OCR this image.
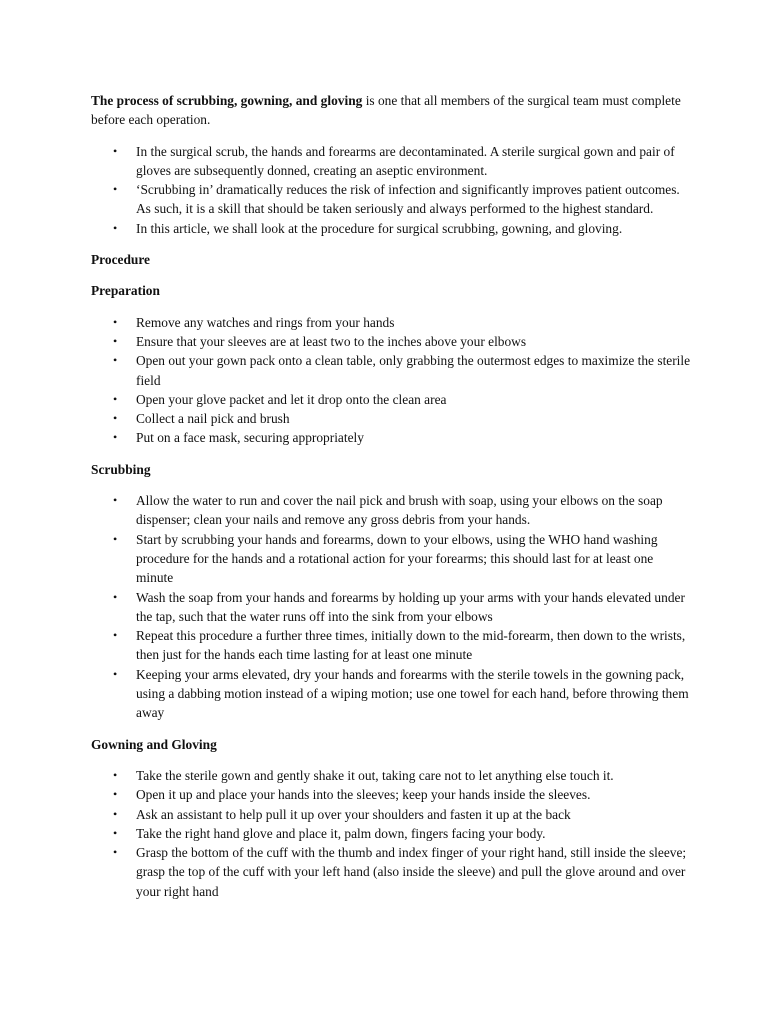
The process of scrubbing, gowning, and gloving is one that all members of the surgical team must complete before each operation.

• In the surgical scrub, the hands and forearms are decontaminated. A sterile surgical gown and pair of gloves are subsequently donned, creating an aseptic environment.
• ‘Scrubbing in’ dramatically reduces the risk of infection and significantly improves patient outcomes. As such, it is a skill that should be taken seriously and always performed to the highest standard.
• In this article, we shall look at the procedure for surgical scrubbing, gowning, and gloving.
Procedure
Preparation
• Remove any watches and rings from your hands
• Ensure that your sleeves are at least two to the inches above your elbows
• Open out your gown pack onto a clean table, only grabbing the outermost edges to maximize the sterile field
• Open your glove packet and let it drop onto the clean area
• Collect a nail pick and brush
• Put on a face mask, securing appropriately
Scrubbing
• Allow the water to run and cover the nail pick and brush with soap, using your elbows on the soap dispenser; clean your nails and remove any gross debris from your hands.
• Start by scrubbing your hands and forearms, down to your elbows, using the WHO hand washing procedure for the hands and a rotational action for your forearms; this should last for at least one minute
• Wash the soap from your hands and forearms by holding up your arms with your hands elevated under the tap, such that the water runs off into the sink from your elbows
• Repeat this procedure a further three times, initially down to the mid-forearm, then down to the wrists, then just for the hands each time lasting for at least one minute
• Keeping your arms elevated, dry your hands and forearms with the sterile towels in the gowning pack, using a dabbing motion instead of a wiping motion; use one towel for each hand, before throwing them away
Gowning and Gloving
• Take the sterile gown and gently shake it out, taking care not to let anything else touch it.
• Open it up and place your hands into the sleeves; keep your hands inside the sleeves.
• Ask an assistant to help pull it up over your shoulders and fasten it up at the back
• Take the right hand glove and place it, palm down, fingers facing your body.
• Grasp the bottom of the cuff with the thumb and index finger of your right hand, still inside the sleeve; grasp the top of the cuff with your left hand (also inside the sleeve) and pull the glove around and over your right hand
